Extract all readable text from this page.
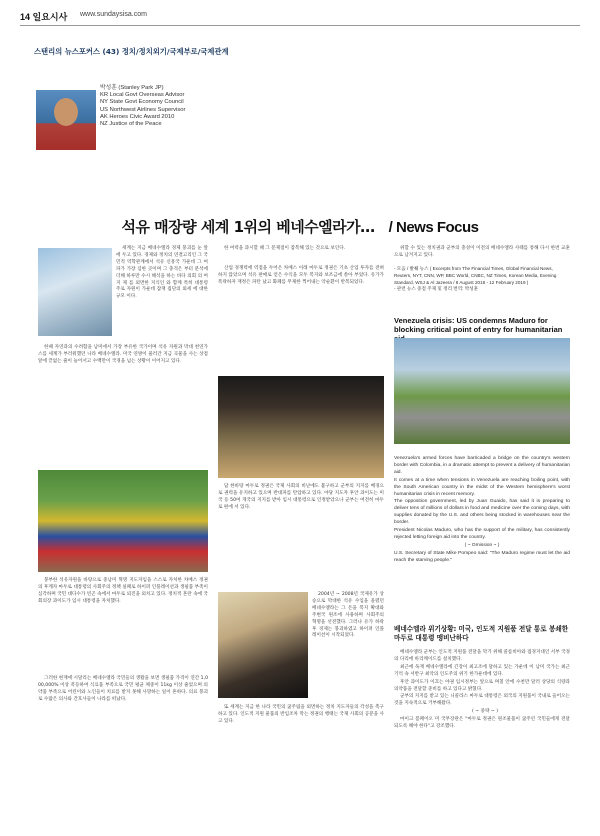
14 일요시사 www.sundaysisa.com
스탠리의 뉴스포커스 (43) 정치/정치외기/국제부로/국제관계
박성훈 (Stanley Park JP)
KR Local Govt Overseas Advisor
NY State Govt Economy Council
US Northwest Airlines Supervisor
AK Heroes Civic Award 2010
NZ Justice of the Peace
석유 매장량 세계 1위의 베네수엘라가… / News Focus

세계는 지금 베네수엘라 경제 붕괴를 눈 앞에 두고 있다. 경제와 정치의 연결고리인 그 국민적 역학관계에서 석유 신흥국 가운데 그 여파가 가장 심한 곳이며 그 충격은 부터 분석에 더해 하루만 수시 해석을 하는 바다 의회 의 여지 제 를 외면한 지식인 와 함께 특히 대통령 주로 자원이 가운데 잠재 집단의 외세 에 대한 규모 이다.

한때 자연과의 수려함을 남미에서 가장 부유한 국가이며 석유 자원과 막대 천연가스를 세계가 부러워했던 나라 베네수엘라. 미국 연방이 물러간 지금 곡물을 사는 상점 앞에 끝없는 줄이 늘어서고 수백만이 국경을 넘는 상황이 이어지고 있다.

붕부한 석유자원을 바탕으로 중남미 혁명 지도자임을 스스로 자처한 차베스 정권의 후계자 마두로 대통령의 사회주의 정책 실패로 하이퍼 인플레이션과 생필품 부족이 심각하며 국민 대다수가 빈곤 속에서 마두로 퇴진을 외치고 있다. 정치적 혼란 속에 국회의장 과이도가 임시 대통령을 자처했다.

그러한 현재에 시달리는 베네수엘라 국민들의 생활을 보면 생필품 가격이 연간 1,000,000% 이상 폭등하여 식료품 부족으로 국민 평균 체중이 11kg 이상 줄었으며 의약품 부족으로 어린이와 노인들이 치료를 받지 못해 사망하는 일이 흔하다. 의료 붕괴로 수많은 의사와 간호사들이 나라를 떠났다.

한 여력을 과시할 때 그 문제점이 잠복해 있는 것으로 보인다.

산업 경쟁력에 역점을 두어온 차베스 이래 마두로 정권은 기초 산업 투자를 전혀 하지 않았으며 석유 판매로 얻은 수익을 모두 복지와 보조금에 쏟아 부었다. 유가가 폭락하자 재정은 파탄 났고 화폐를 무제한 찍어내는 악순환이 반복되었다.

담 한바탕 마두로 정권은 국제 사회의 비난에도 불구하고 군부의 지지를 배경으로 권력을 유지하고 있으며 반대파를 탄압하고 있다. 야당 지도자 후안 과이도는 미국 등 50여 개국의 지지를 받아 임시 대통령으로 인정받았으나 군부는 여전히 마두로 편에 서 있다.

2004년 ~ 2008년 국제유가 상승으로 막대한 석유 수입을 올렸던 베네수엘라는 그 돈을 복지 확대와 주변국 원조에 사용하며 사회주의 혁명을 선전했다. 그러나 유가 하락 후 경제는 붕괴하였고 하이퍼 인플레이션이 시작되었다.

또 세계는 지금 한 나라 국민의 굶주림을 외면하는 정치 지도자들의 각성을 촉구하고 있다. 인도적 지원 물품의 반입조차 막는 정권의 행태는 국제 사회의 공분을 사고 있다.

위할 수 있는 정치권과 군부의 충성이 이전의 베네수엘라 사태를 통해 다시 한번 교훈으로 남겨지고 있다.

- 모음 / 발췌 뉴스 ( Excerpts from The Financial Times, Global Financial News, Reuters, NYT, CNN, WP, BBC World, CNBC, NZ Times, Korean Media, Evening Standard, WSJ & Al Jazeera / 8 August 2018 - 12 February 2019 )
- 관련 뉴스 중점 주제 및 정리 번역: 박성훈
Venezuela crisis: US condemns Maduro for blocking critical point of entry for humanitarian

Venezuela's armed forces have barricaded a bridge on the country's western border with Colombia, in a dramatic attempt to prevent a delivery of humanitarian aid.

It comes at a time when tensions in Venezuela are reaching boiling point, with the South American country in the midst of the Western hemisphere's worst humanitarian crisis in recent memory.

The opposition government, led by Juan Guaido, has said it is preparing to deliver tens of millions of dollars in food and medicine over the coming days, with supplies donated by the U.S. and others being stocked in warehouses near the border.

President Nicolas Maduro, who has the support of the military, has consistently rejected letting foreign aid into the country.

( ~ Omission ~ )

U.S. Secretary of State Mike Pompeo said: "The Maduro regime must let the aid reach the starving people."

베네수엘라 위기상황: 미국, 인도적 지원품 전달 통로 봉쇄한 마두로 대통령 맹비난하다

베네수엘라 군부는 인도적 지원품 전달을 막기 위해 콜롬비아와 접경지대인 서부 국경의 다리에 바리케이드를 설치했다.

최근에 독재 베네수엘라에 긴장이 최고조에 달하고 있는 가운데 이 남미 국가는 최근 기억 속 서반구 최악의 인도주의 위기 한가운데에 있다.

후안 과이도가 이끄는 야권 임시정부는 앞으로 며칠 안에 수천만 달러 상당의 식량과 의약품을 전달할 준비를 하고 있다고 밝혔다.

군부의 지지를 받고 있는 니콜라스 마두로 대통령은 외국의 지원품이 국내로 들어오는 것을 지속적으로 거부해왔다.

( ~ 중략 ~ )

마이크 폼페이오 미 국무장관은 "마두로 정권은 원조물품이 굶주린 국민들에게 전달되도록 해야 한다"고 강조했다.
